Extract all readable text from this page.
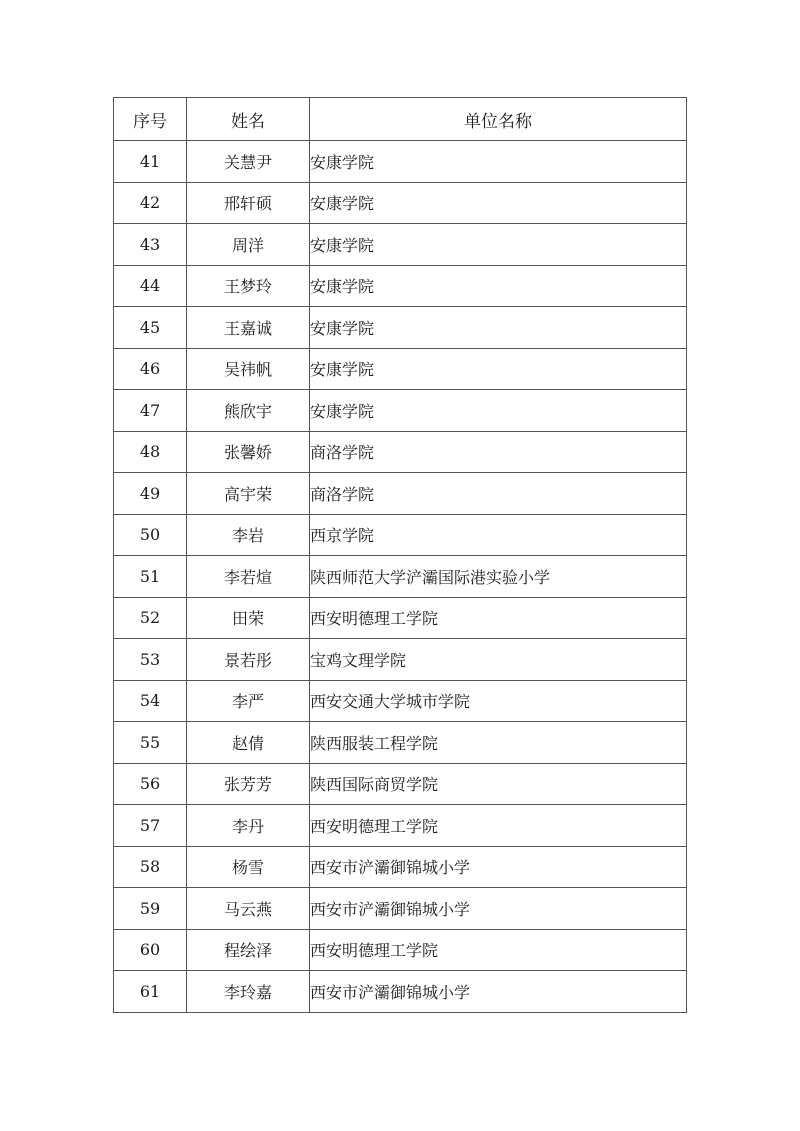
序号	姓名	单位名称
41	关慧尹	安康学院
42	邢轩硕	安康学院
43	周洋	安康学院
44	王梦玲	安康学院
45	王嘉诚	安康学院
46	吴祎帆	安康学院
47	熊欣宇	安康学院
48	张馨娇	商洛学院
49	高宇荣	商洛学院
50	李岩	西京学院
51	李若煊	陕西师范大学浐灞国际港实验小学
52	田荣	西安明德理工学院
53	景若彤	宝鸡文理学院
54	李严	西安交通大学城市学院
55	赵倩	陕西服装工程学院
56	张芳芳	陕西国际商贸学院
57	李丹	西安明德理工学院
58	杨雪	西安市浐灞御锦城小学
59	马云燕	西安市浐灞御锦城小学
60	程绘泽	西安明德理工学院
61	李玲嘉	西安市浐灞御锦城小学
